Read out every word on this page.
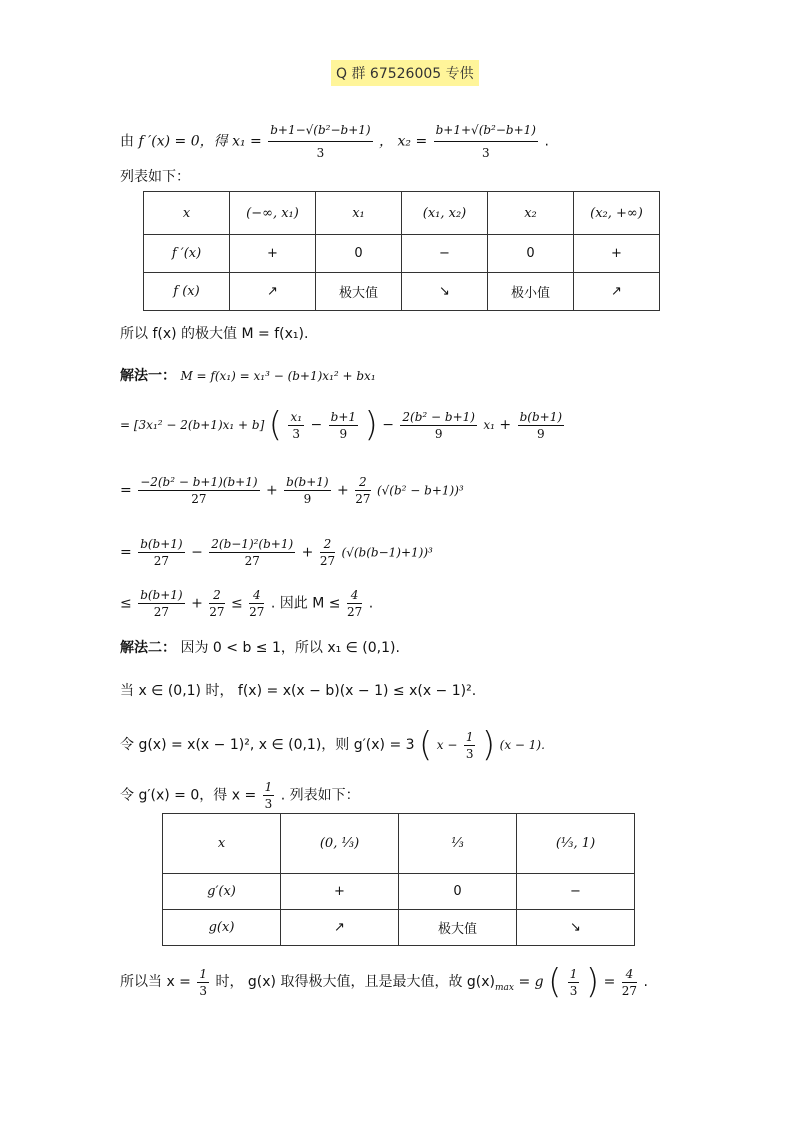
Q 群 67526005 专供
由 f ′(x) = 0，得 $x_1 = \frac{\text{b+1−√(b²−b+1)}}{3}$ ， $x_2 = \frac{\text{b+1+√(b²−b+1)}}{3}$ .
列表如下：
x	(−∞, x₁)	x₁	(x₁, x₂)	x₂	(x₂, +∞)
f ′(x)	+	0	−	0	+
f (x)	↗	极大值	↘	极小值	↗
所以 f(x) 的极大值 M = f(x₁).
解法一： M = f(x₁) = x₁³ − (b+1)x₁² + bx₁
= [3x₁² − 2(b+1)x₁ + b] ( $\frac{\text{x₁}}{3} - \frac{b+1}{9}$ ) − $\frac{\text{2(b² − b+1)}}{9} x_1 + \frac{b(b+1)}{9}$
= $\frac{\text{−2(b² − b+1)(b+1)}}{27} + \frac{b(b+1)}{9} + \frac{2}{27} (√(b^2 - b+1))^3$
= $\frac{b(b+1)}{27} - \frac{\text{2(b−1)²(b+1)}}{27} + \frac{2}{27} (√(b(b-1)+1))^3$
≤ $\frac{b(b+1)}{27} + \frac{2}{27} \le \frac{4}{27}$ . 因此 $M \le \frac{4}{27}$ .
解法二： 因为 0 < b ≤ 1，所以 x₁ ∈ (0,1).
当 x ∈ (0,1) 时， f(x) = x(x − b)(x − 1) ≤ x(x − 1)².
令 g(x) = x(x − 1)², x ∈ (0,1)，则 g′(x) = 3 ( $x - \frac{1}{3}$ ) (x − 1).
令 g′(x) = 0，得 $x = \frac{1}{3}$ . 列表如下：
x	(0, ⅓)	⅓	(⅓, 1)
g′(x)	+	0	−
g(x)	↗	极大值	↘
所以当 $x = \frac{1}{3}$ 时， g(x) 取得极大值，且是最大值，故 $g(x)_{max} = g$ ( $\frac{1}{3}$ ) = $\frac{4}{27}$ .
